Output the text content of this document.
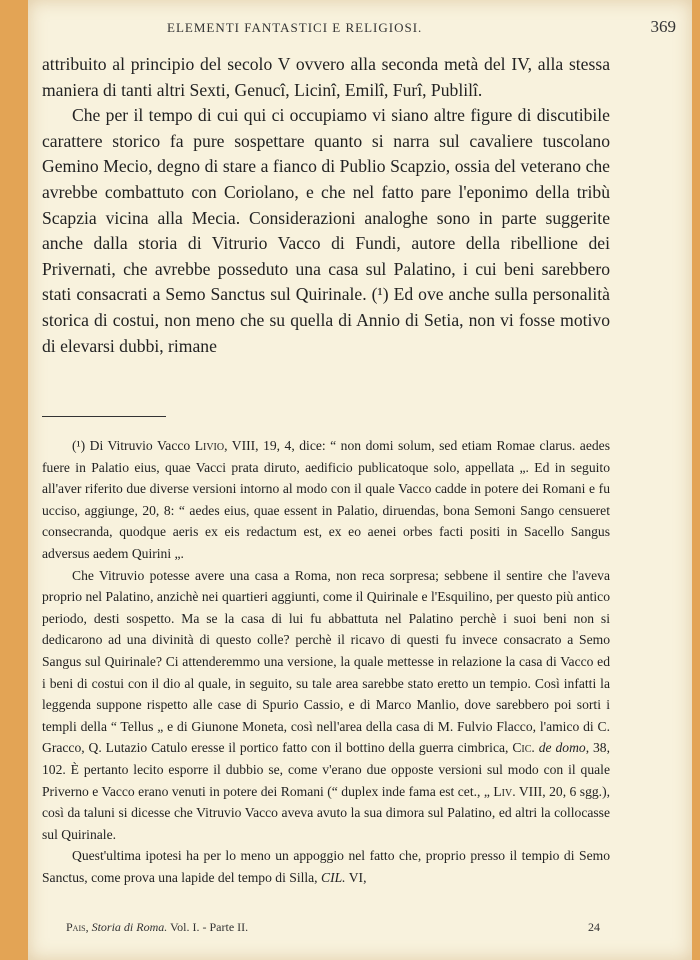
ELEMENTI FANTASTICI E RELIGIOSI.	369

attribuito al principio del secolo V ovvero alla seconda metà del IV, alla stessa maniera di tanti altri Sexti, Genucî, Licinî, Emilî, Furî, Publilî.

Che per il tempo di cui qui ci occupiamo vi siano altre figure di discutibile carattere storico fa pure sospettare quanto si narra sul cavaliere tuscolano Gemino Mecio, degno di stare a fianco di Publio Scapzio, ossia del veterano che avrebbe combattuto con Coriolano, e che nel fatto pare l'eponimo della tribù Scapzia vicina alla Mecia. Considerazioni analoghe sono in parte suggerite anche dalla storia di Vitrurio Vacco di Fundi, autore della ribellione dei Privernati, che avrebbe posseduto una casa sul Palatino, i cui beni sarebbero stati consacrati a Semo Sanctus sul Quirinale. (¹) Ed ove anche sulla personalità storica di costui, non meno che su quella di Annio di Setia, non vi fosse motivo di elevarsi dubbi, rimane

(¹) Di Vitruvio Vacco Livio, VIII, 19, 4, dice: “ non domi solum, sed etiam Romae clarus. aedes fuere in Palatio eius, quae Vacci prata diruto, aedificio publicatoque solo, appellata „. Ed in seguito all'aver riferito due diverse versioni intorno al modo con il quale Vacco cadde in potere dei Romani e fu ucciso, aggiunge, 20, 8: “ aedes eius, quae essent in Palatio, diruendas, bona Semoni Sango censueret consecranda, quodque aeris ex eis redactum est, ex eo aenei orbes facti positi in Sacello Sangus adversus aedem Quirini „.

Che Vitruvio potesse avere una casa a Roma, non reca sorpresa; sebbene il sentire che l'aveva proprio nel Palatino, anzichè nei quartieri aggiunti, come il Quirinale e l'Esquilino, per questo più antico periodo, desti sospetto. Ma se la casa di lui fu abbattuta nel Palatino perchè i suoi beni non si dedicarono ad una divinità di questo colle? perchè il ricavo di questi fu invece consacrato a Semo Sangus sul Quirinale? Ci attenderemmo una versione, la quale mettesse in relazione la casa di Vacco ed i beni di costui con il dio al quale, in seguito, su tale area sarebbe stato eretto un tempio. Così infatti la leggenda suppone rispetto alle case di Spurio Cassio, e di Marco Manlio, dove sarebbero poi sorti i templi della “ Tellus „ e di Giunone Moneta, così nell'area della casa di M. Fulvio Flacco, l'amico di C. Gracco, Q. Lutazio Catulo eresse il portico fatto con il bottino della guerra cimbrica, Cic. de domo, 38, 102. È pertanto lecito esporre il dubbio se, come v'erano due opposte versioni sul modo con il quale Priverno e Vacco erano venuti in potere dei Romani (“ duplex inde fama est cet., „ Liv. VIII, 20, 6 sgg.), così da taluni si dicesse che Vitruvio Vacco aveva avuto la sua dimora sul Palatino, ed altri la collocasse sul Quirinale.

Quest'ultima ipotesi ha per lo meno un appoggio nel fatto che, proprio presso il tempio di Semo Sanctus, come prova una lapide del tempo di Silla, CIL. VI,

Pais, Storia di Roma. Vol. I. - Parte II.	24
